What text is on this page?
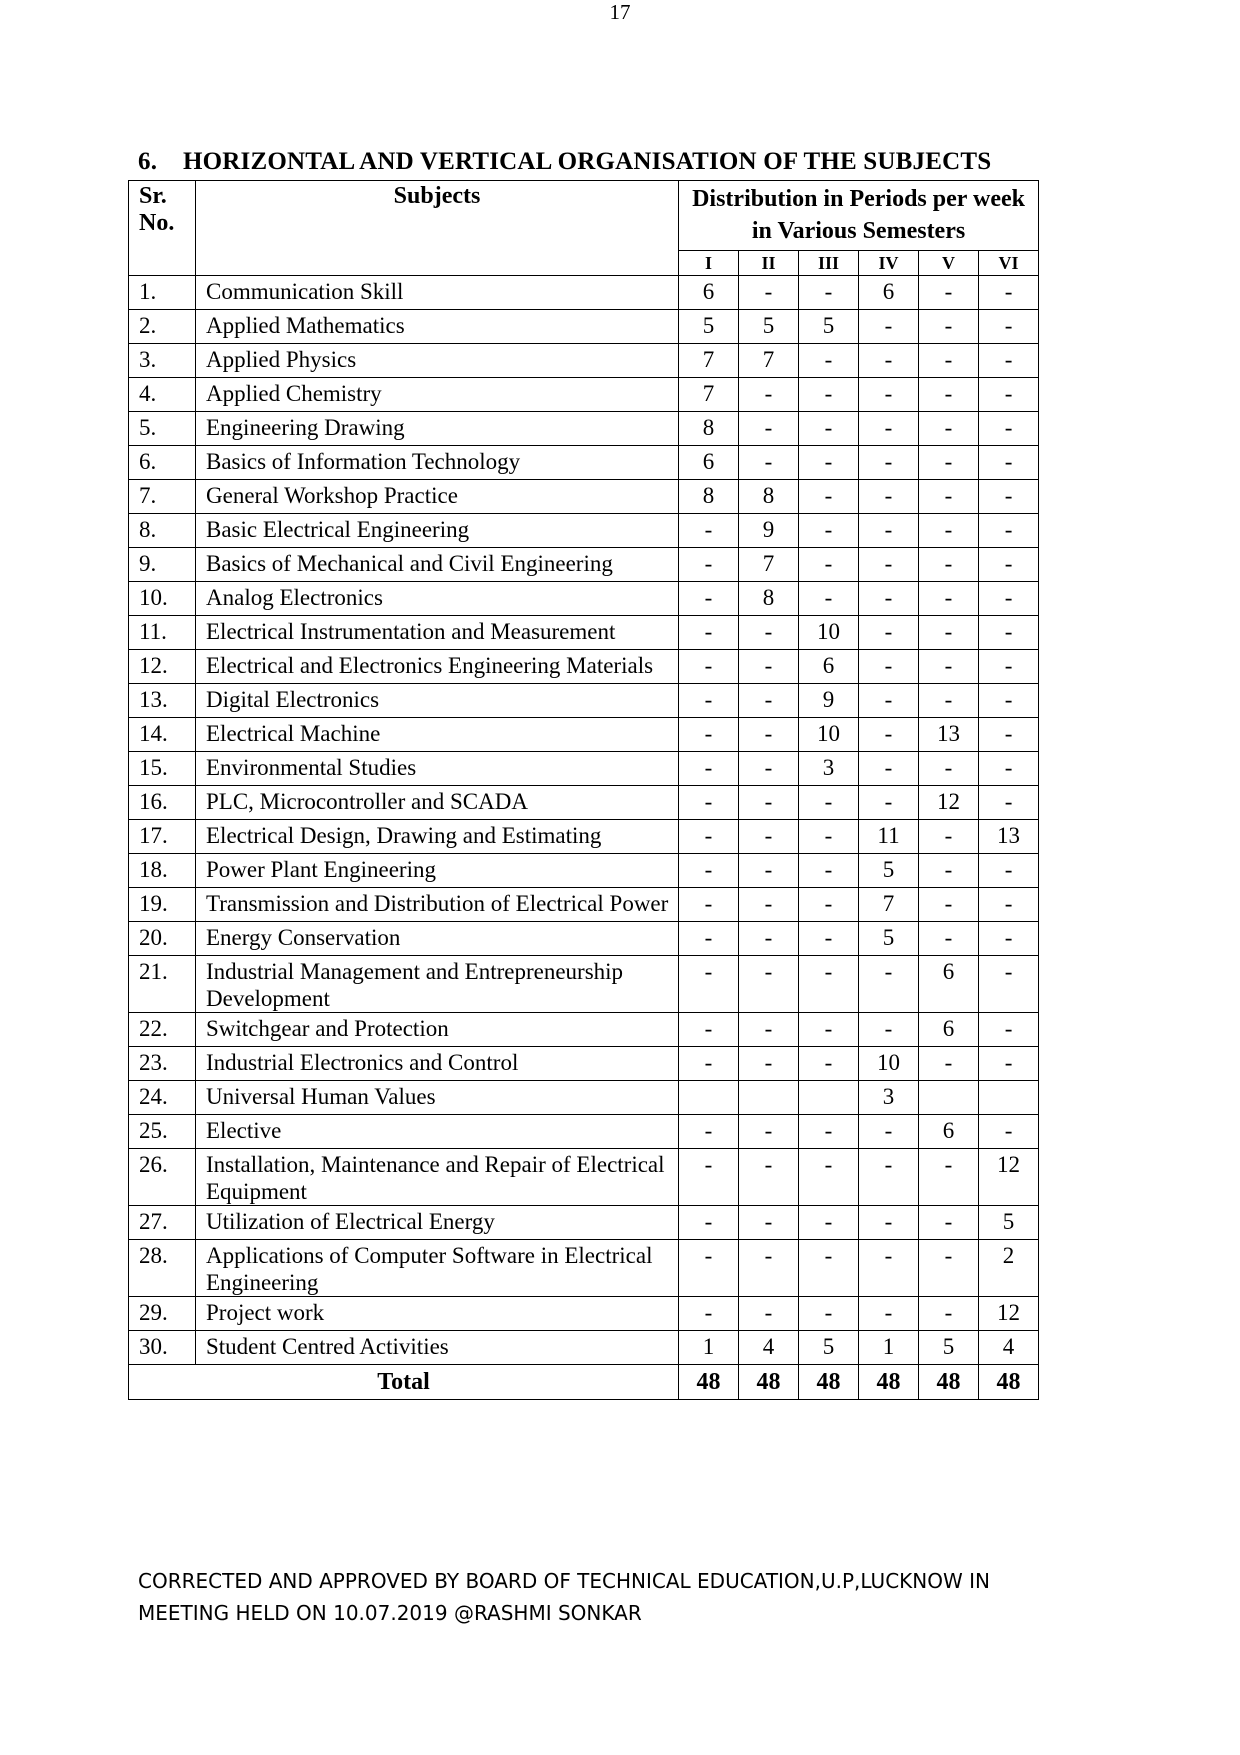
17
6. HORIZONTAL AND VERTICAL ORGANISATION OF THE SUBJECTS
Sr. No.	Subjects	Distribution in Periods per week in Various Semesters					
		I	II	III	IV	V	VI
1.	Communication Skill	6	-	-	6	-	-
2.	Applied Mathematics	5	5	5	-	-	-
3.	Applied Physics	7	7	-	-	-	-
4.	Applied Chemistry	7	-	-	-	-	-
5.	Engineering Drawing	8	-	-	-	-	-
6.	Basics of Information Technology	6	-	-	-	-	-
7.	General Workshop Practice	8	8	-	-	-	-
8.	Basic Electrical Engineering	-	9	-	-	-	-
9.	Basics of Mechanical and Civil Engineering	-	7	-	-	-	-
10.	Analog Electronics	-	8	-	-	-	-
11.	Electrical Instrumentation and Measurement	-	-	10	-	-	-
12.	Electrical and Electronics Engineering Materials	-	-	6	-	-	-
13.	Digital Electronics	-	-	9	-	-	-
14.	Electrical Machine	-	-	10	-	13	-
15.	Environmental Studies	-	-	3	-	-	-
16.	PLC, Microcontroller and SCADA	-	-	-	-	12	-
17.	Electrical Design, Drawing and Estimating	-	-	-	11	-	13
18.	Power Plant Engineering	-	-	-	5	-	-
19.	Transmission and Distribution of Electrical Power	-	-	-	7	-	-
20.	Energy Conservation	-	-	-	5	-	-
21.	Industrial Management and Entrepreneurship Development	-	-	-	-	6	-
22.	Switchgear and Protection	-	-	-	-	6	-
23.	Industrial Electronics and Control	-	-	-	10	-	-
24.	Universal Human Values				3		
25.	Elective	-	-	-	-	6	-
26.	Installation, Maintenance and Repair of Electrical Equipment	-	-	-	-	-	12
27.	Utilization of Electrical Energy	-	-	-	-	-	5
28.	Applications of Computer Software in Electrical Engineering	-	-	-	-	-	2
29.	Project work	-	-	-	-	-	12
30.	Student Centred Activities	1	4	5	1	5	4
Total		48	48	48	48	48	48
CORRECTED AND APPROVED BY BOARD OF TECHNICAL EDUCATION,U.P,LUCKNOW IN
MEETING HELD ON 10.07.2019 @RASHMI SONKAR
